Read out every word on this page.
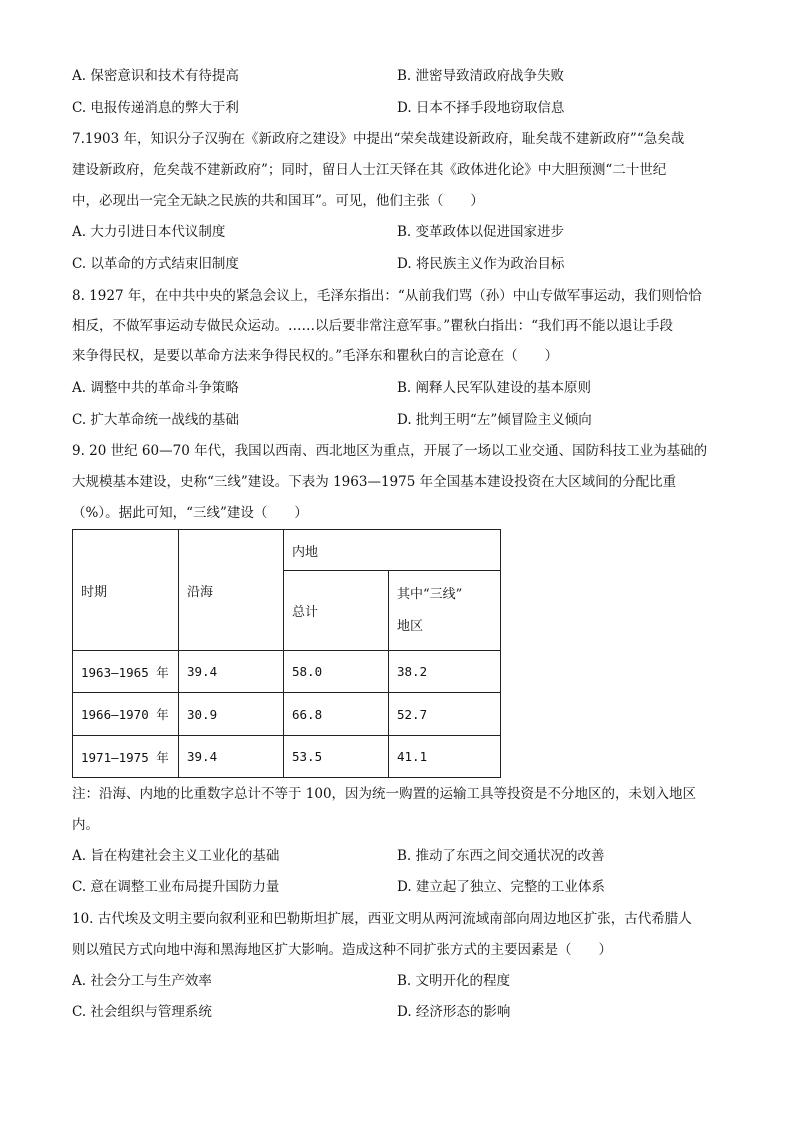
A. 保密意识和技术有待提高	B. 泄密导致清政府战争失败
C. 电报传递消息的弊大于利	D. 日本不择手段地窃取信息
7.1903 年，知识分子汉驹在《新政府之建设》中提出“荣矣哉建设新政府，耻矣哉不建新政府”“急矣哉
建设新政府，危矣哉不建新政府”；同时，留日人士江天铎在其《政体进化论》中大胆预测“二十世纪
中，必现出一完全无缺之民族的共和国耳”。可见，他们主张（　　）
A. 大力引进日本代议制度	B. 变革政体以促进国家进步
C. 以革命的方式结束旧制度	D. 将民族主义作为政治目标
8. 1927 年，在中共中央的紧急会议上，毛泽东指出：“从前我们骂（孙）中山专做军事运动，我们则恰恰
相反，不做军事运动专做民众运动。……以后要非常注意军事。”瞿秋白指出：“我们再不能以退让手段
来争得民权，是要以革命方法来争得民权的。”毛泽东和瞿秋白的言论意在（　　）
A. 调整中共的革命斗争策略	B. 阐释人民军队建设的基本原则
C. 扩大革命统一战线的基础	D. 批判王明“左”倾冒险主义倾向
9. 20 世纪 60—70 年代，我国以西南、西北地区为重点，开展了一场以工业交通、国防科技工业为基础的
大规模基本建设，史称“三线”建设。下表为 1963—1975 年全国基本建设投资在大区域间的分配比重
（%）。据此可知，“三线”建设（　　）
时期	沿海	内地	
		总计	其中“三线”
地区
1963—1965 年	39.4	58.0	38.2
1966—1970 年	30.9	66.8	52.7
1971—1975 年	39.4	53.5	41.1
注：沿海、内地的比重数字总计不等于 100，因为统一购置的运输工具等投资是不分地区的，未划入地区
内。
A. 旨在构建社会主义工业化的基础	B. 推动了东西之间交通状况的改善
C. 意在调整工业布局提升国防力量	D. 建立起了独立、完整的工业体系
10. 古代埃及文明主要向叙利亚和巴勒斯坦扩展，西亚文明从两河流域南部向周边地区扩张，古代希腊人
则以殖民方式向地中海和黑海地区扩大影响。造成这种不同扩张方式的主要因素是（　　）
A. 社会分工与生产效率	B. 文明开化的程度
C. 社会组织与管理系统	D. 经济形态的影响
